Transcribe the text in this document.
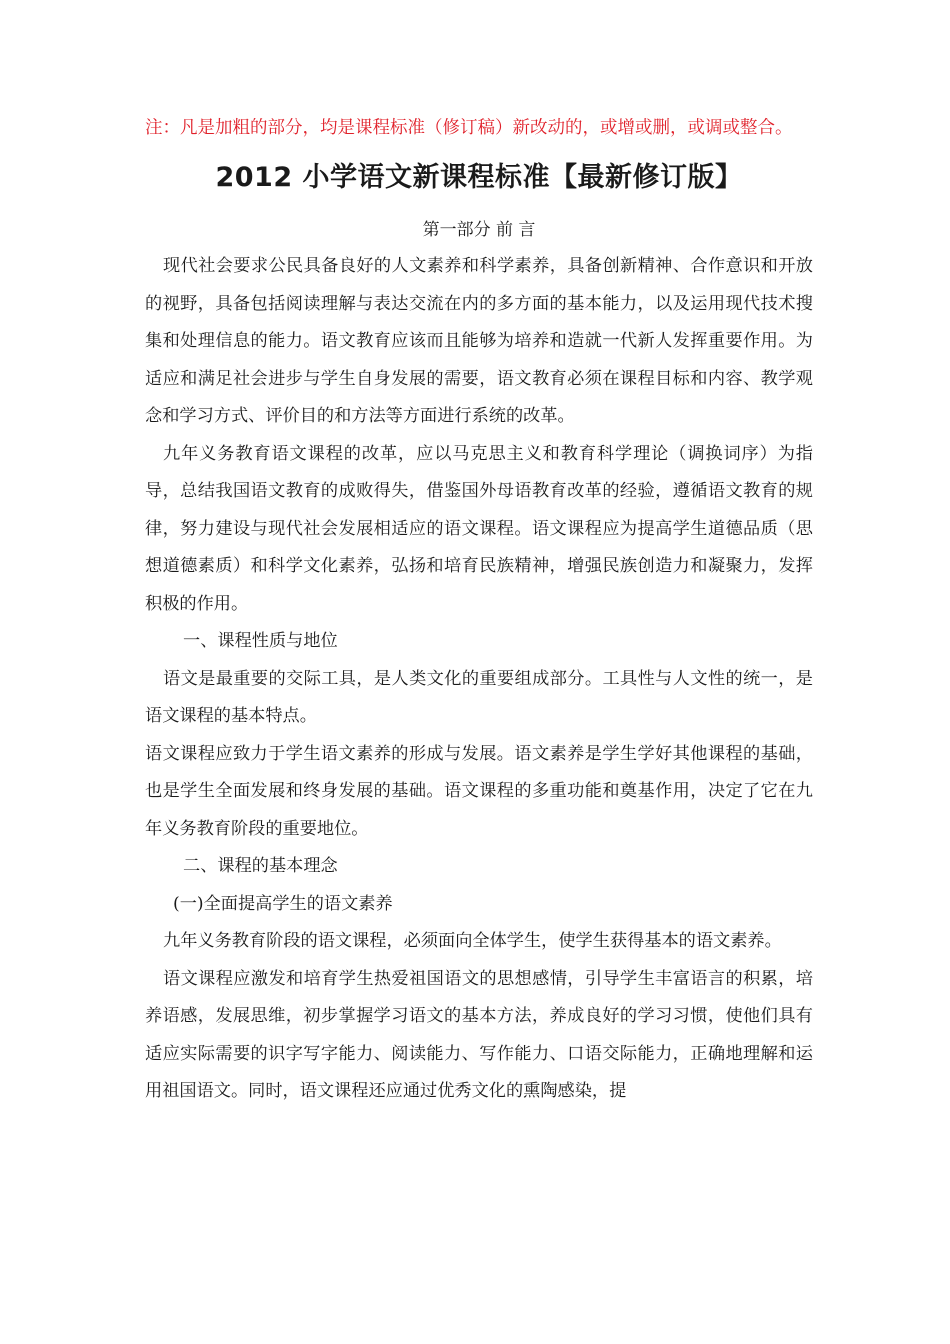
注：凡是加粗的部分，均是课程标准（修订稿）新改动的，或增或删，或调或整合。

2012 小学语文新课程标准【最新修订版】

第一部分 前 言

现代社会要求公民具备良好的人文素养和科学素养，具备创新精神、合作意识和开放的视野，具备包括阅读理解与表达交流在内的多方面的基本能力，以及运用现代技术搜集和处理信息的能力。语文教育应该而且能够为培养和造就一代新人发挥重要作用。为适应和满足社会进步与学生自身发展的需要，语文教育必须在课程目标和内容、教学观念和学习方式、评价目的和方法等方面进行系统的改革。

九年义务教育语文课程的改革，应以马克思主义和教育科学理论（调换词序）为指导，总结我国语文教育的成败得失，借鉴国外母语教育改革的经验，遵循语文教育的规律，努力建设与现代社会发展相适应的语文课程。语文课程应为提高学生道德品质（思想道德素质）和科学文化素养，弘扬和培育民族精神，增强民族创造力和凝聚力，发挥积极的作用。

一、课程性质与地位

语文是最重要的交际工具，是人类文化的重要组成部分。工具性与人文性的统一，是语文课程的基本特点。

语文课程应致力于学生语文素养的形成与发展。语文素养是学生学好其他课程的基础，也是学生全面发展和终身发展的基础。语文课程的多重功能和奠基作用，决定了它在九年义务教育阶段的重要地位。

二、课程的基本理念

(一)全面提高学生的语文素养

九年义务教育阶段的语文课程，必须面向全体学生，使学生获得基本的语文素养。

语文课程应激发和培育学生热爱祖国语文的思想感情，引导学生丰富语言的积累，培养语感，发展思维，初步掌握学习语文的基本方法，养成良好的学习习惯，使他们具有适应实际需要的识字写字能力、阅读能力、写作能力、口语交际能力，正确地理解和运用祖国语文。同时，语文课程还应通过优秀文化的熏陶感染，提
